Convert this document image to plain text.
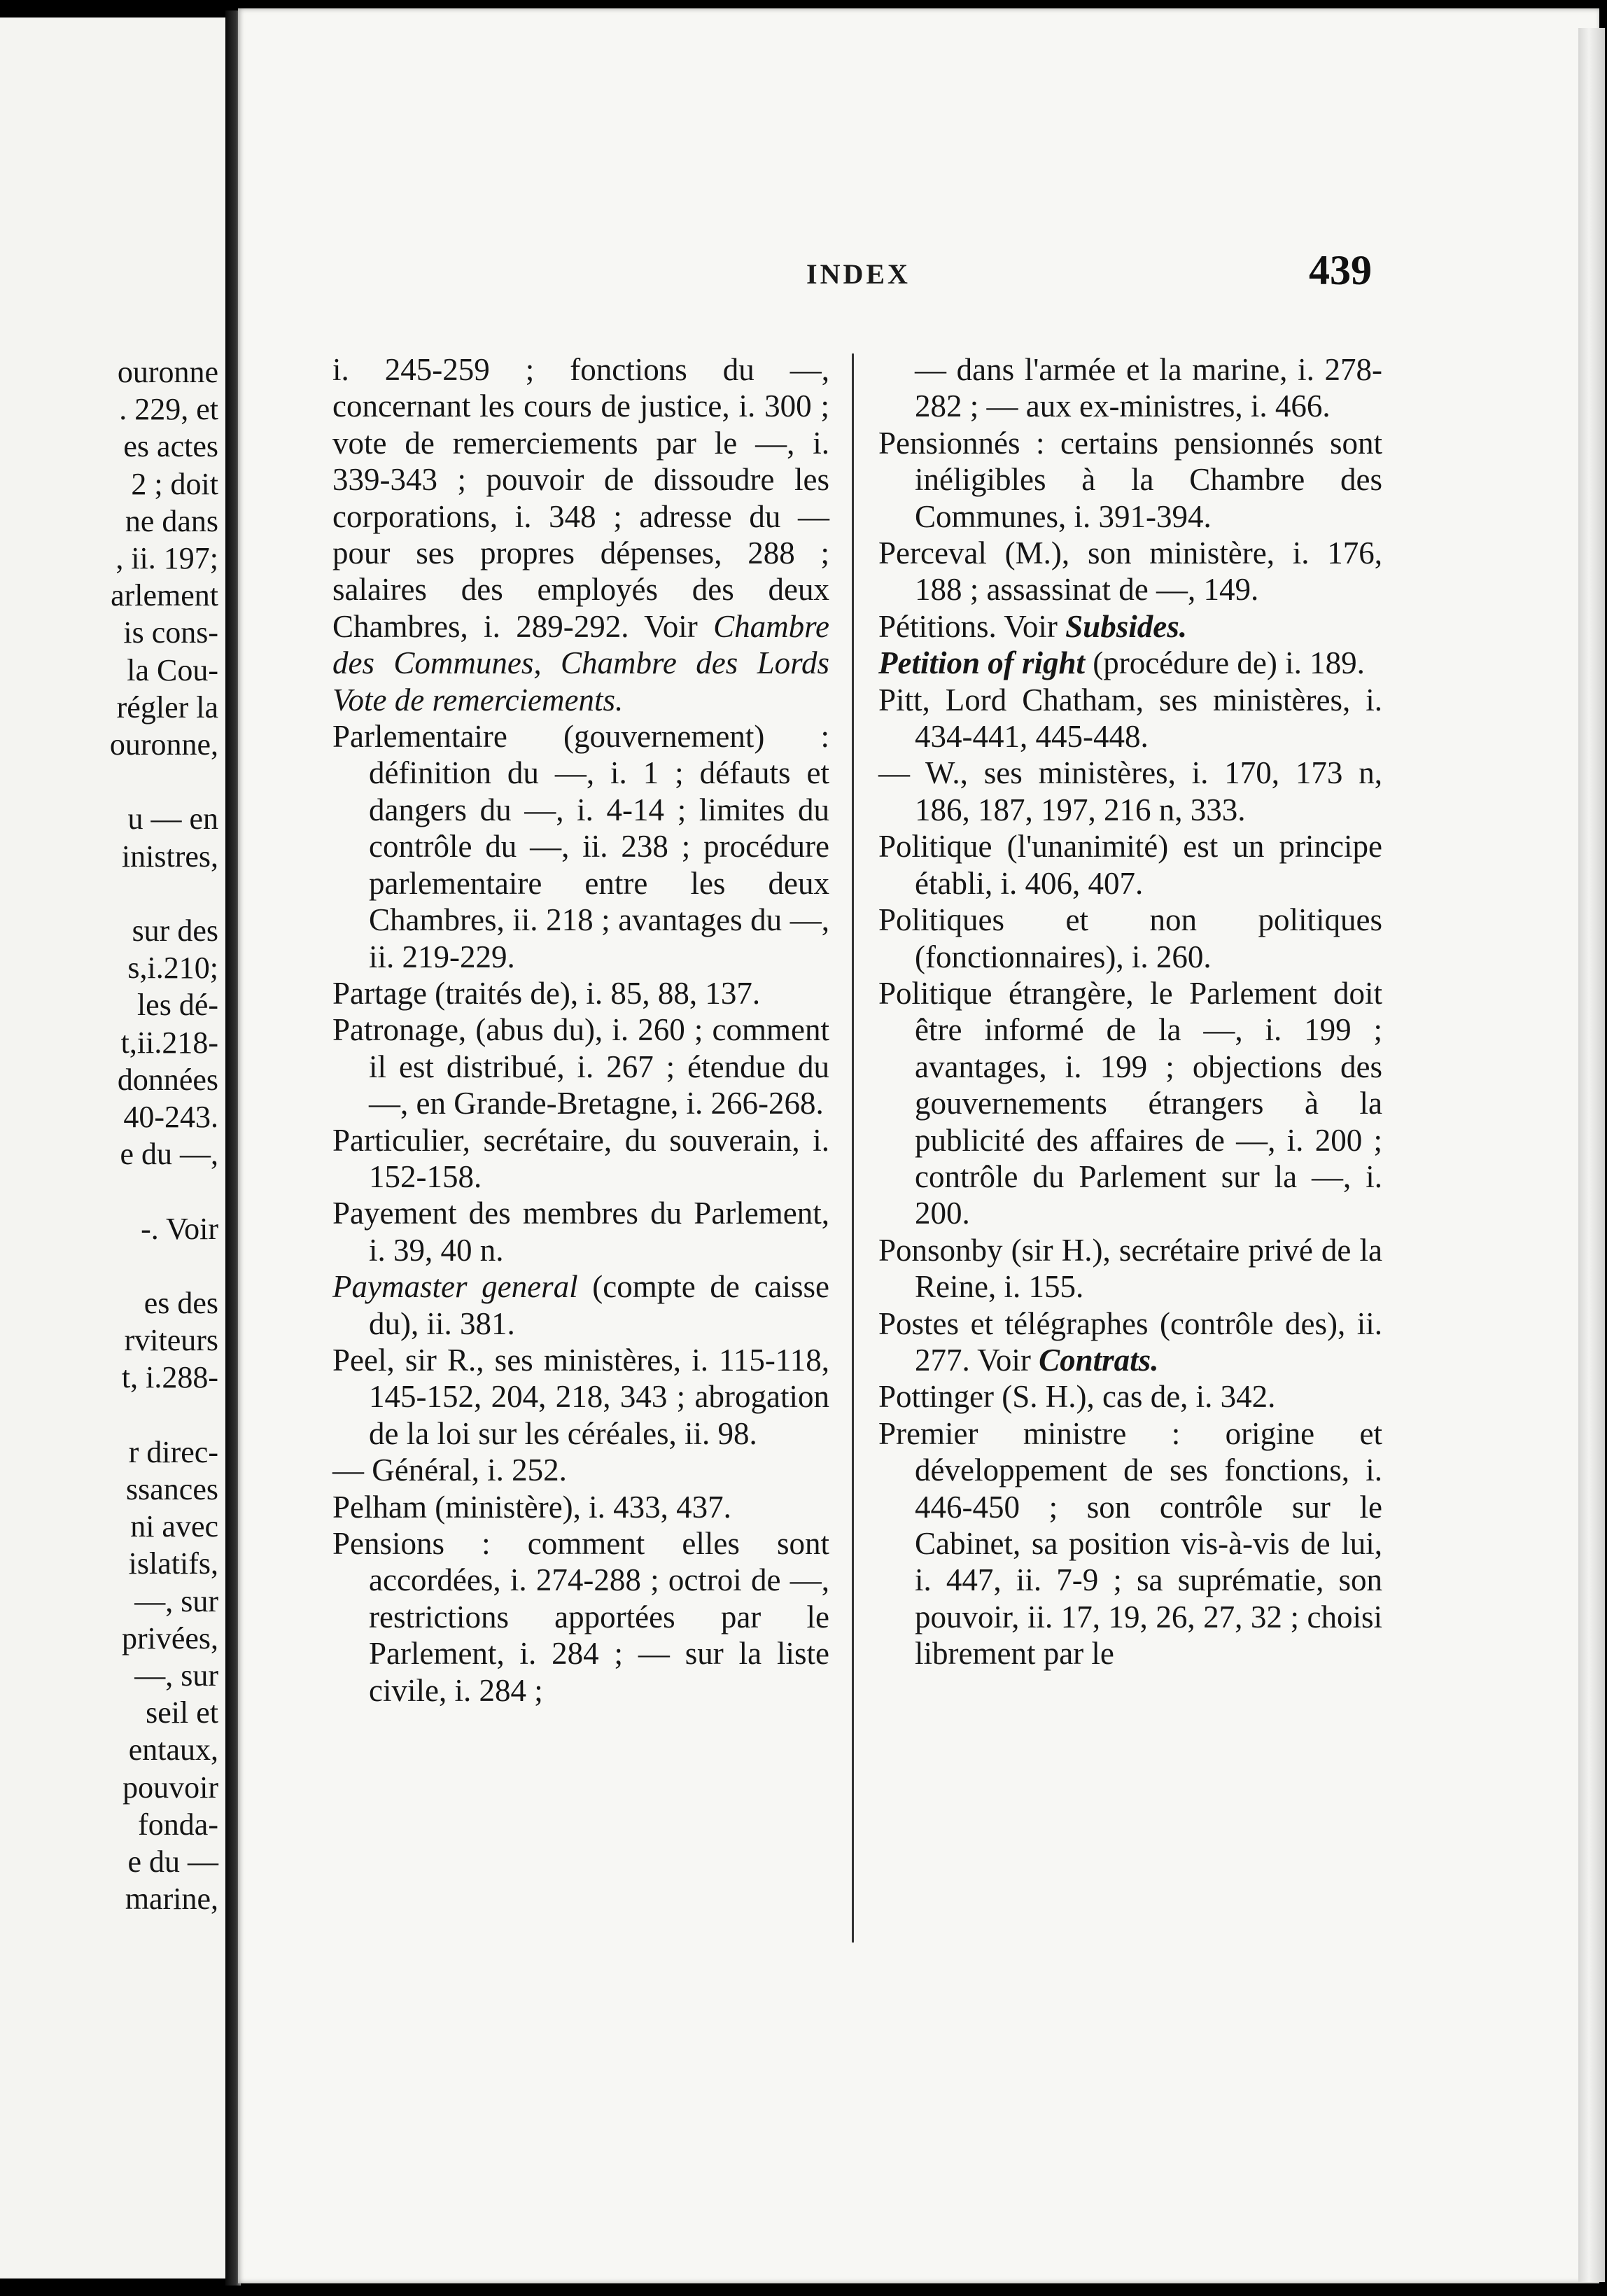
ouronne
. 229, et
es actes
2 ; doit
ne dans
, ii. 197;
arlement
is cons-
la Cou-
régler la
ouronne,
u — en
inistres,
sur des
s,i.210;
les dé-
t,ii.218-
données
40-243.
e du —,
-. Voir
es des
rviteurs
t, i.288-
r direc-
ssances
ni avec
islatifs,
—, sur
privées,
—, sur
seil et
entaux,
pouvoir
fonda-
e du —
marine,
INDEX	439

i. 245-259 ; fonctions du —, concernant les cours de justice, i. 300 ; vote de remerciements par le —, i. 339-343 ; pouvoir de dissoudre les corporations, i. 348 ; adresse du — pour ses propres dépenses, 288 ; salaires des employés des deux Chambres, i. 289-292. Voir Chambre des Communes, Chambre des Lords Vote de remerciements.

Parlementaire (gouvernement) : définition du —, i. 1 ; défauts et dangers du —, i. 4-14 ; limites du contrôle du —, ii. 238 ; procédure parlementaire entre les deux Chambres, ii. 218 ; avantages du —, ii. 219-229.

Partage (traités de), i. 85, 88, 137.

Patronage, (abus du), i. 260 ; comment il est distribué, i. 267 ; étendue du —, en Grande-Bretagne, i. 266-268.

Particulier, secrétaire, du souverain, i. 152-158.

Payement des membres du Parlement, i. 39, 40 n.

Paymaster general (compte de caisse du), ii. 381.

Peel, sir R., ses ministères, i. 115-118, 145-152, 204, 218, 343 ; abrogation de la loi sur les céréales, ii. 98.

— Général, i. 252.

Pelham (ministère), i. 433, 437.

Pensions : comment elles sont accordées, i. 274-288 ; octroi de —, restrictions apportées par le Parlement, i. 284 ; — sur la liste civile, i. 284 ;

— dans l'armée et la marine, i. 278-282 ; — aux ex-ministres, i. 466.

Pensionnés : certains pensionnés sont inéligibles à la Chambre des Communes, i. 391-394.

Perceval (M.), son ministère, i. 176, 188 ; assassinat de —, 149.

Pétitions. Voir Subsides.

Petition of right (procédure de) i. 189.

Pitt, Lord Chatham, ses ministères, i. 434-441, 445-448.

— W., ses ministères, i. 170, 173 n, 186, 187, 197, 216 n, 333.

Politique (l'unanimité) est un principe établi, i. 406, 407.

Politiques et non politiques (fonctionnaires), i. 260.

Politique étrangère, le Parlement doit être informé de la —, i. 199 ; avantages, i. 199 ; objections des gouvernements étrangers à la publicité des affaires de —, i. 200 ; contrôle du Parlement sur la —, i. 200.

Ponsonby (sir H.), secrétaire privé de la Reine, i. 155.

Postes et télégraphes (contrôle des), ii. 277. Voir Contrats.

Pottinger (S. H.), cas de, i. 342.

Premier ministre : origine et développement de ses fonctions, i. 446-450 ; son contrôle sur le Cabinet, sa position vis-à-vis de lui, i. 447, ii. 7-9 ; sa suprématie, son pouvoir, ii. 17, 19, 26, 27, 32 ; choisi librement par le
